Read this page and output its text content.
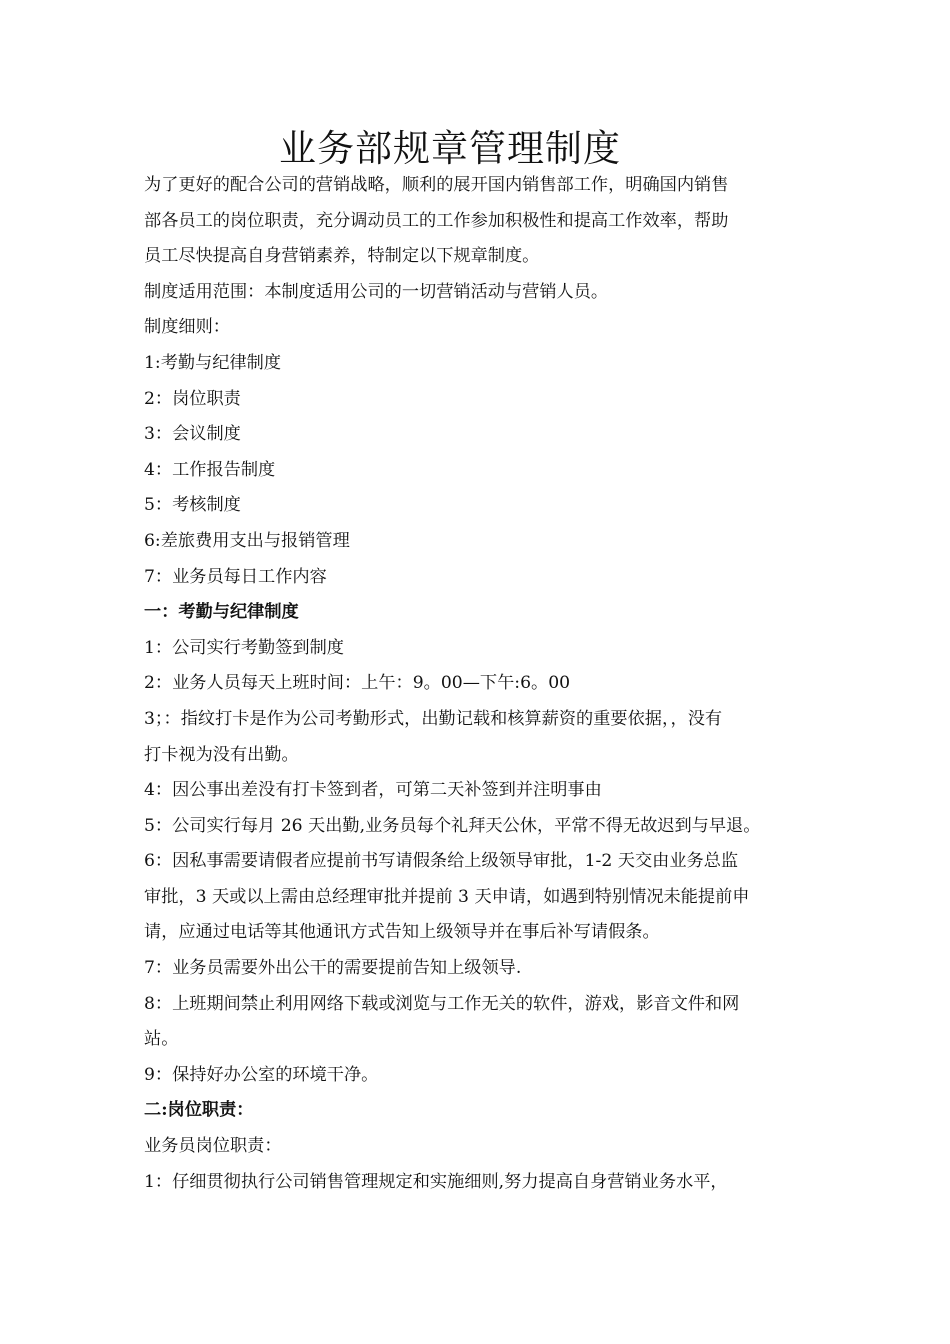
业务部规章管理制度
为了更好的配合公司的营销战略，顺利的展开国内销售部工作，明确国内销售
部各员工的岗位职责，充分调动员工的工作参加积极性和提高工作效率，帮助
员工尽快提高自身营销素养，特制定以下规章制度。
制度适用范围：本制度适用公司的一切营销活动与营销人员。
制度细则：
1:考勤与纪律制度
2：岗位职责
3：会议制度
4：工作报告制度
5：考核制度
6:差旅费用支出与报销管理
7：业务员每日工作内容
一：考勤与纪律制度
1：公司实行考勤签到制度
2：业务人员每天上班时间：上午：9。00—下午:6。00
3；：指纹打卡是作为公司考勤形式，出勤记载和核算薪资的重要依据，，没有
打卡视为没有出勤。
4：因公事出差没有打卡签到者，可第二天补签到并注明事由
5：公司实行每月 26 天出勤,业务员每个礼拜天公休，平常不得无故迟到与早退。
6：因私事需要请假者应提前书写请假条给上级领导审批，1-2 天交由业务总监
审批，3 天或以上需由总经理审批并提前 3 天申请，如遇到特别情况未能提前申
请，应通过电话等其他通讯方式告知上级领导并在事后补写请假条。
7：业务员需要外出公干的需要提前告知上级领导.
8：上班期间禁止利用网络下载或浏览与工作无关的软件，游戏，影音文件和网
站。
9：保持好办公室的环境干净。
二:岗位职责：
业务员岗位职责：
1：仔细贯彻执行公司销售管理规定和实施细则,努力提高自身营销业务水平，
